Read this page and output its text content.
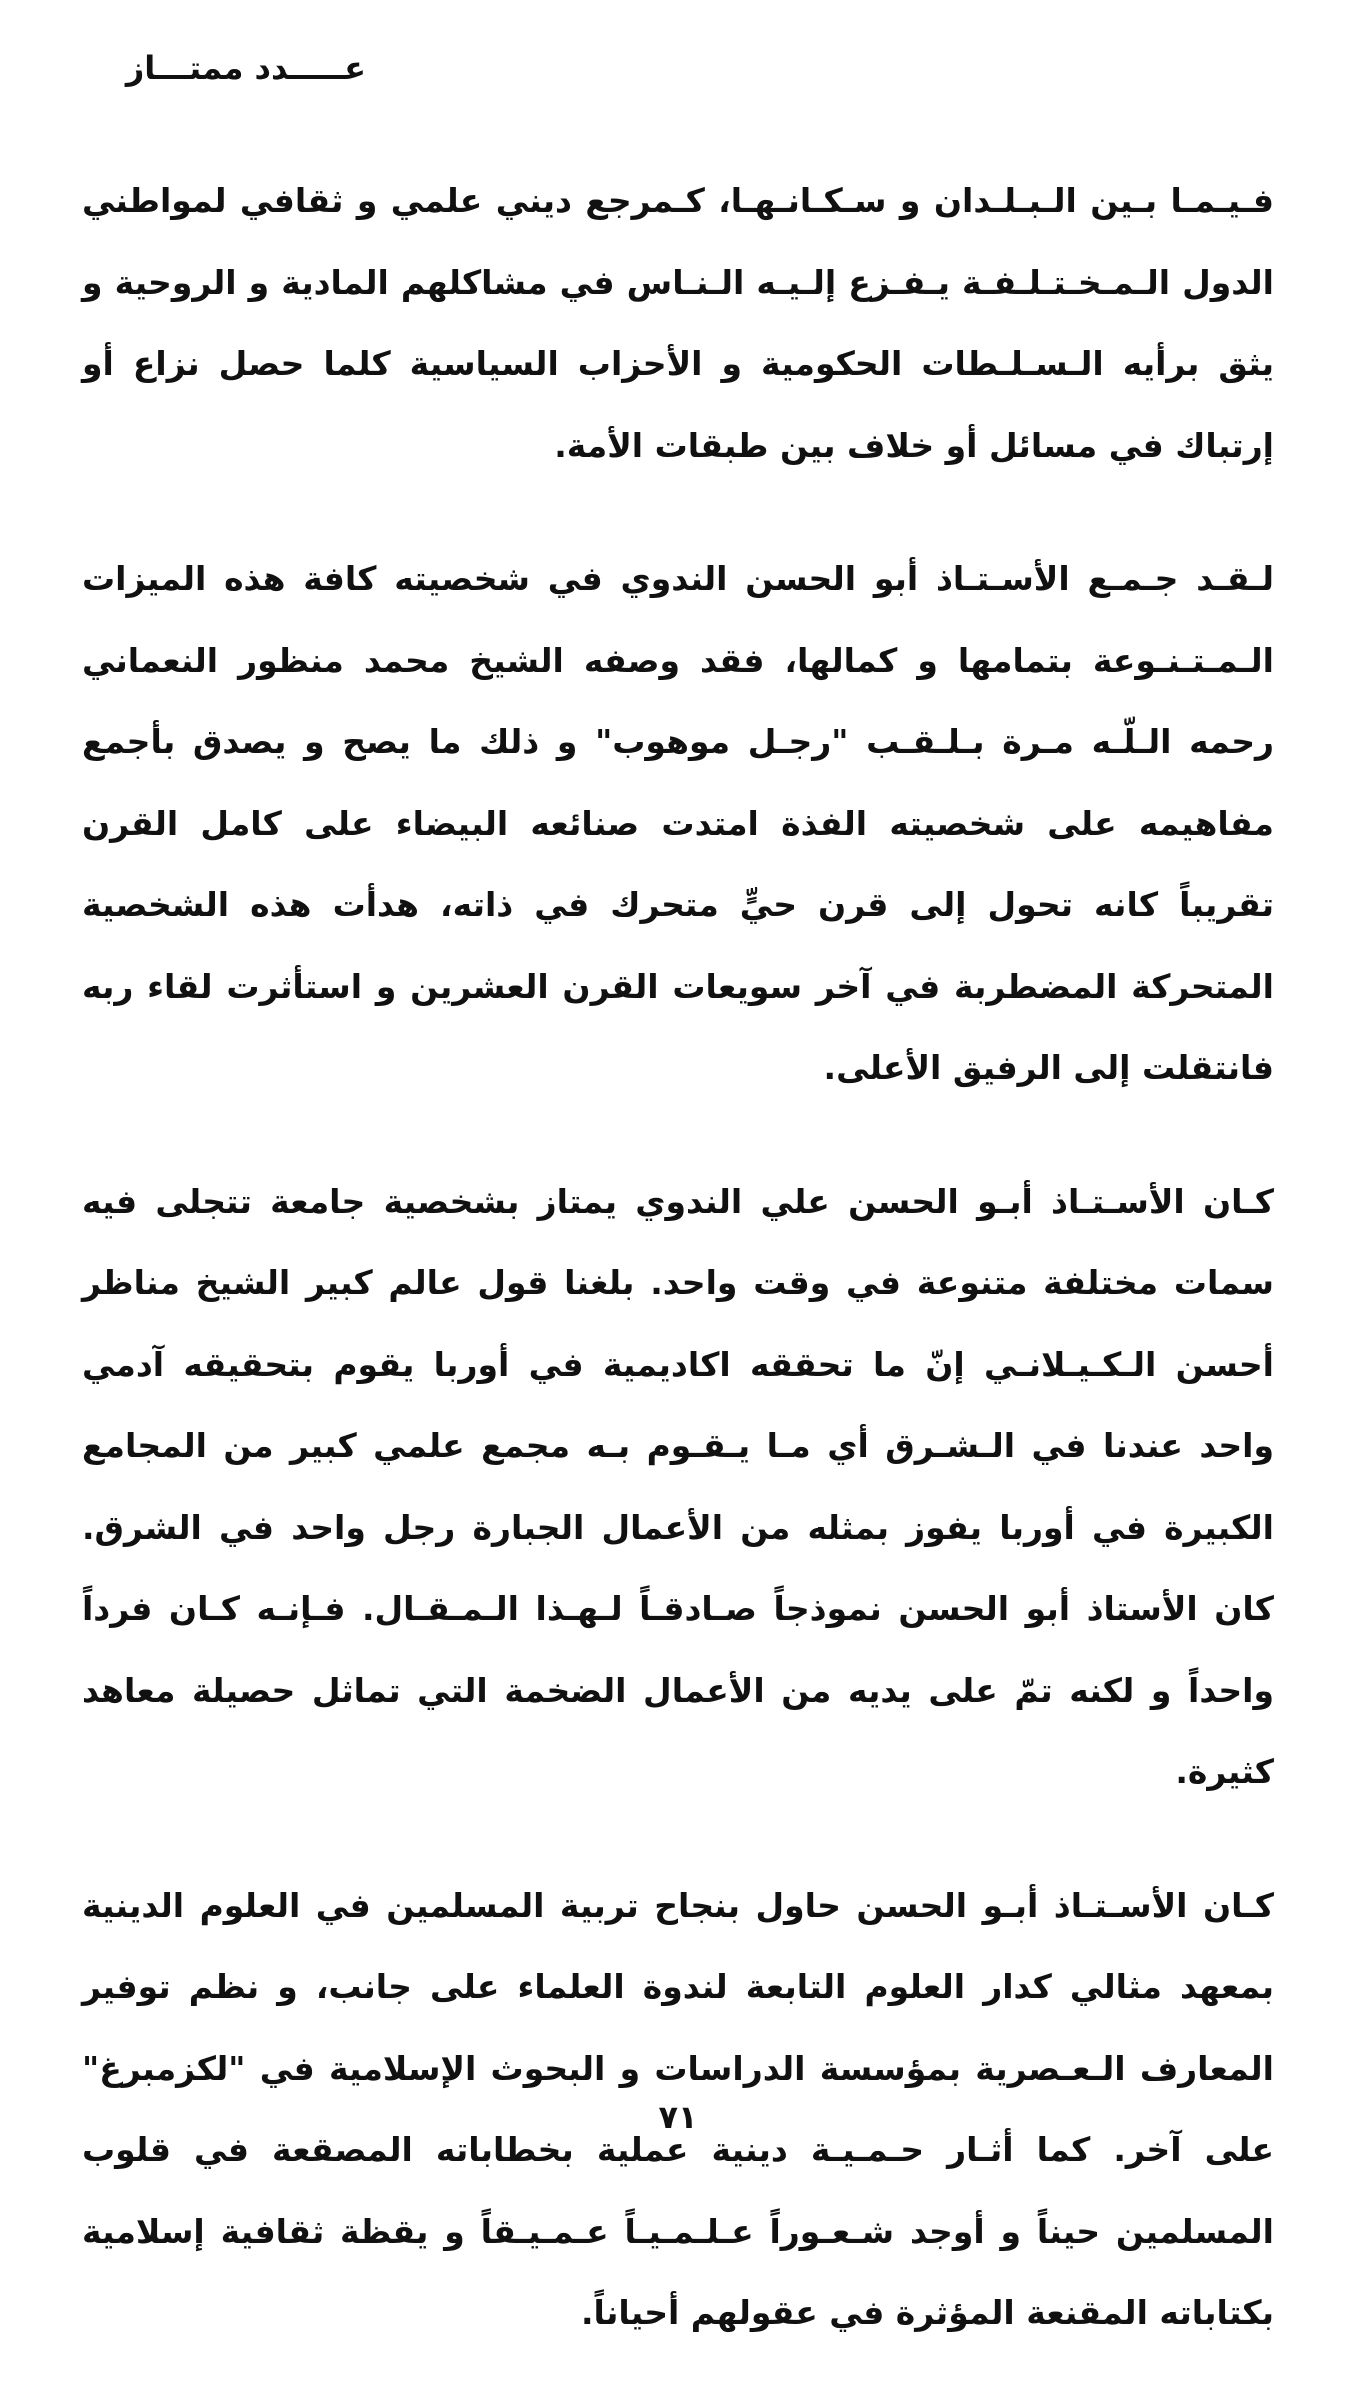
عـــــدد ممتـــاز

فـيـمـا بـين الـبـلـدان و سـكـانـهـا، كـمرجع ديني علمي و ثقافي لمواطني الدول الـمـخـتـلـفـة يـفـزع إلـيـه الـنـاس في مشاكلهم المادية و الروحية و يثق برأيه الـسـلـطات الحكومية و الأحزاب السياسية كلما حصل نزاع أو إرتباك في مسائل أو خلاف بين طبقات الأمة.

لـقـد جـمـع الأسـتـاذ أبو الحسن الندوي في شخصيته كافة هذه الميزات الـمـتـنـوعة بتمامها و كمالها، فقد وصفه الشيخ محمد منظور النعماني رحمه الـلّـه مـرة بـلـقـب "رجـل موهوب" و ذلك ما يصح و يصدق بأجمع مفاهيمه على شخصيته الفذة امتدت صنائعه البيضاء على كامل القرن تقريباً كانه تحول إلى قرن حيٍّ متحرك في ذاته، هدأت هذه الشخصية المتحركة المضطربة في آخر سويعات القرن العشرين و استأثرت لقاء ربه فانتقلت إلى الرفيق الأعلى.

كـان الأسـتـاذ أبـو الحسن علي الندوي يمتاز بشخصية جامعة تتجلى فيه سمات مختلفة متنوعة في وقت واحد. بلغنا قول عالم كبير الشيخ مناظر أحسن الـكـيـلانـي إنّ ما تحققه اكاديمية في أوربا يقوم بتحقيقه آدمي واحد عندنا في الـشـرق أي مـا يـقـوم بـه مجمع علمي كبير من المجامع الكبيرة في أوربا يفوز بمثله من الأعمال الجبارة رجل واحد في الشرق. كان الأستاذ أبو الحسن نموذجاً صـادقـاً لـهـذا الـمـقـال. فـإنـه كـان فرداً واحداً و لكنه تمّ على يديه من الأعمال الضخمة التي تماثل حصيلة معاهد كثيرة.

كـان الأسـتـاذ أبـو الحسن حاول بنجاح تربية المسلمين في العلوم الدينية بمعهد مثالي كدار العلوم التابعة لندوة العلماء على جانب، و نظم توفير المعارف الـعـصرية بمؤسسة الدراسات و البحوث الإسلامية في "لكزمبرغ" على آخر. كما أثـار حـمـيـة دينية عملية بخطاباته المصقعة في قلوب المسلمين حيناً و أوجد شـعـوراً عـلـمـيـاً عـمـيـقاً و يقظة ثقافية إسلامية بكتاباته المقنعة المؤثرة في عقولهم أحياناً.

٧١
